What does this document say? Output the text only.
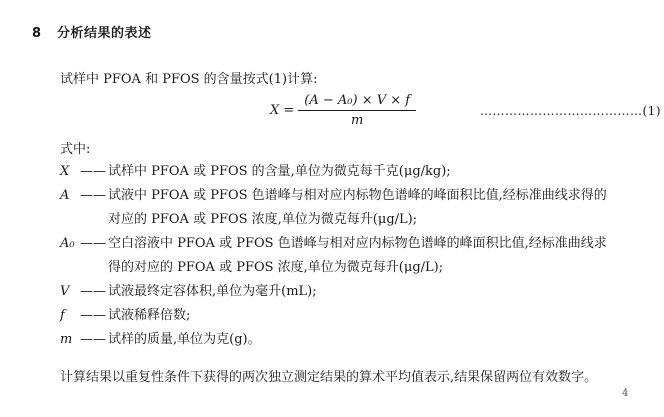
8 分析结果的表述
试样中 PFOA 和 PFOS 的含量按式(1)计算:
$X = \frac{\text{(A − A₀) × V × f}}{m}$	…………………………………(1)
式中:
X —— 试样中 PFOA 或 PFOS 的含量,单位为微克每千克(μg/kg);
A —— 试液中 PFOA 或 PFOS 色谱峰与相对应内标物色谱峰的峰面积比值,经标准曲线求得的
对应的 PFOA 或 PFOS 浓度,单位为微克每升(μg/L);
A₀ —— 空白溶液中 PFOA 或 PFOS 色谱峰与相对应内标物色谱峰的峰面积比值,经标准曲线求
得的对应的 PFOA 或 PFOS 浓度,单位为微克每升(μg/L);
V —— 试液最终定容体积,单位为毫升(mL);
f	—— 试液稀释倍数;
m —— 试样的质量,单位为克(g)。
计算结果以重复性条件下获得的两次独立测定结果的算术平均值表示,结果保留两位有效数字。
4
